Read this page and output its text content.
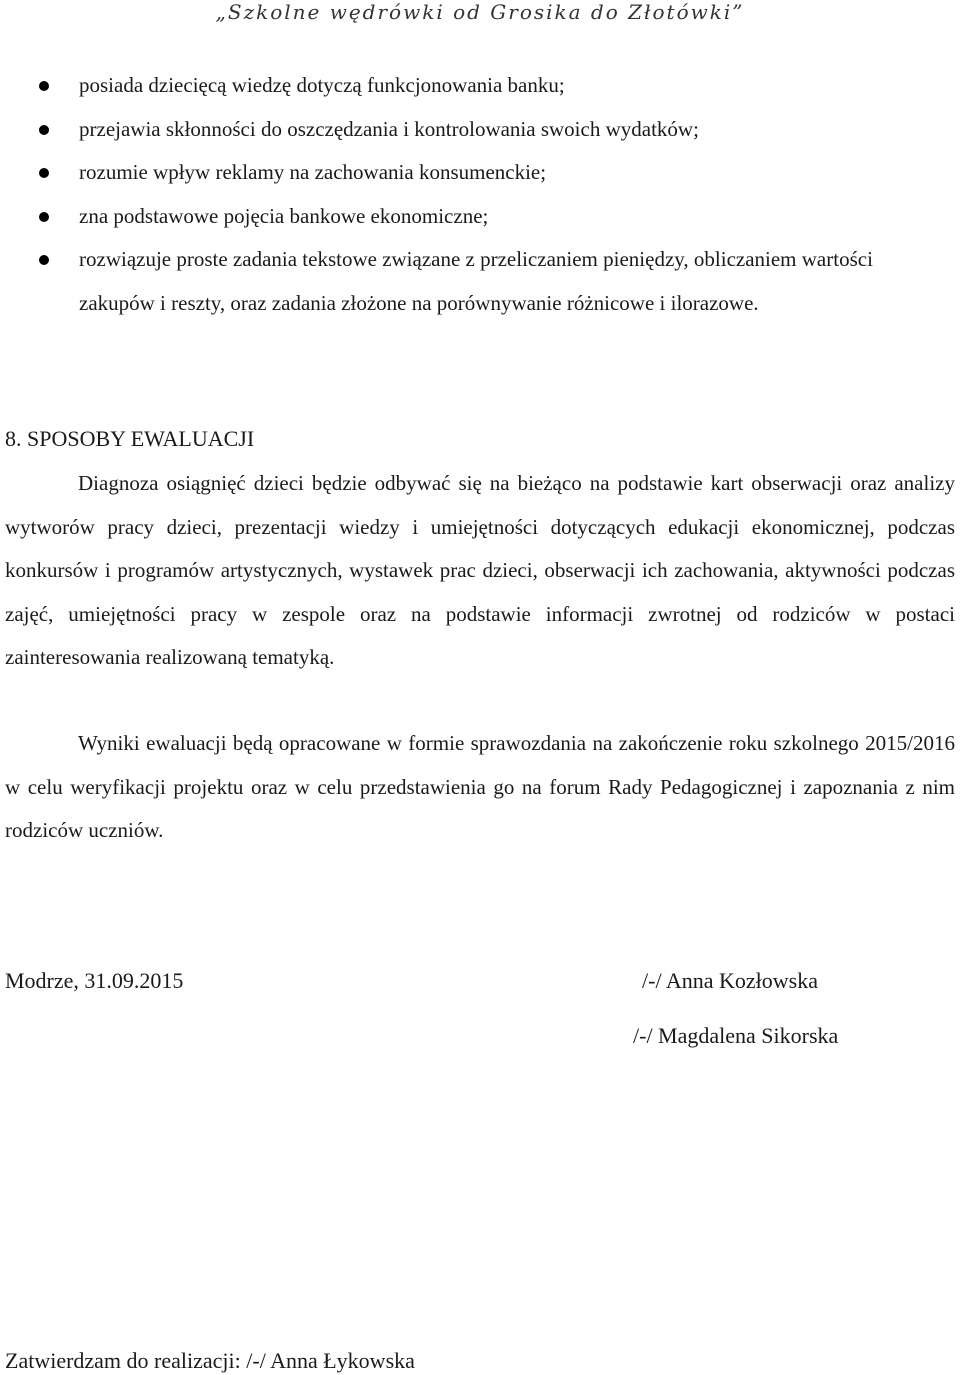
„Szkolne wędrówki od Grosika do Złotówki”
posiada dziecięcą wiedzę dotyczą funkcjonowania banku;
przejawia skłonności do oszczędzania i kontrolowania swoich wydatków;
rozumie wpływ reklamy na zachowania konsumenckie;
zna podstawowe pojęcia bankowe ekonomiczne;
rozwiązuje proste zadania tekstowe związane z przeliczaniem pieniędzy, obliczaniem wartości zakupów i reszty, oraz zadania złożone na porównywanie różnicowe i ilorazowe.
8. SPOSOBY EWALUACJI

Diagnoza osiągnięć dzieci będzie odbywać się na bieżąco na podstawie kart obserwacji oraz analizy wytworów pracy dzieci, prezentacji wiedzy i umiejętności dotyczących edukacji ekonomicznej, podczas konkursów i programów artystycznych, wystawek prac dzieci, obserwacji ich zachowania, aktywności podczas zajęć, umiejętności pracy w zespole oraz na podstawie informacji zwrotnej od rodziców w postaci zainteresowania realizowaną tematyką.

Wyniki ewaluacji będą opracowane w formie sprawozdania na zakończenie roku szkolnego 2015/2016 w celu weryfikacji projektu oraz w celu przedstawienia go na forum Rady Pedagogicznej i zapoznania z nim rodziców uczniów.

Modrze, 31.09.2015	/-/ Anna Kozłowska
/-/ Magdalena Sikorska
Zatwierdzam do realizacji: /-/ Anna Łykowska
